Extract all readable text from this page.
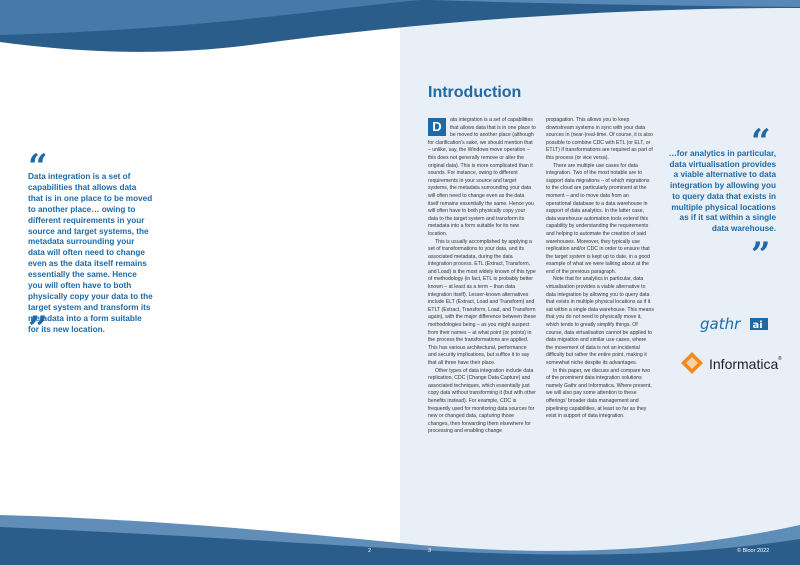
“
Data integration is a set of capabilities that allows data that is in one place to be moved to another place… owing to different requirements in your source and target systems, the metadata surrounding your data will often need to change even as the data itself remains essentially the same. Hence you will often have to both physically copy your data to the target system and transform its metadata into a form suitable for its new location.
”
Introduction

D	ata integration is a set of capabilities that allows data that is in one place to be moved to another place (although for clarification's sake, we should mention that – unlike, say, the Windows move operation – this does not generally remove or alter the original data). This is more complicated than it sounds. For instance, owing to different requirements in your source and target systems, the metadata surrounding your data will often need to change even as the data itself remains essentially the same. Hence you will often have to both physically copy your data to the target system and transform its metadata into a form suitable for its new location.

This is usually accomplished by applying a set of transformations to your data, and its associated metadata, during the data integration process. ETL (Extract, Transform, and Load) is the most widely known of this type of methodology (in fact, ETL is probably better known – at least as a term – than data integration itself). Lesser-known alternatives include ELT (Extract, Load and Transform) and ETLT (Extract, Transform, Load, and Transform again), with the major difference between these methodologies being – as you might suspect from their names – at what point (or points) in the process the transformations are applied. This has various architectural, performance and security implications, but suffice it to say that all three have their place.

Other types of data integration include data replication, CDC (Change Data Capture) and associated techniques, which essentially just copy data without transforming it (but with other benefits instead). For example, CDC is frequently used for monitoring data sources for new or changed data, capturing those changes, then forwarding them elsewhere for processing and enabling change

propagation. This allows you to keep downstream systems in sync with your data sources in (near-)real-time. Of course, it is also possible to combine CDC with ETL (or ELT, or ETLT) if transformations are required as part of this process (or vice versa).

There are multiple use cases for data integration. Two of the most notable are to support data migrations – of which migrations to the cloud are particularly prominent at the moment – and to move data from an operational database to a data warehouse in support of data analytics. In the latter case, data warehouse automation tools extend this capability by understanding the requirements and helping to automate the creation of said warehouses. Moreover, they typically use replication and/or CDC in order to ensure that the target system is kept up to date, in a good example of what we were talking about at the end of the previous paragraph.

Note that for analytics in particular, data virtualisation provides a viable alternative to data integration by allowing you to query data that exists in multiple physical locations as if it sat within a single data warehouse. This means that you do not need to physically move it, which tends to greatly simplify things. Of course, data virtualisation cannot be applied to data migration and similar use cases, where the movement of data is not an incidental difficulty but rather the entire point, making it somewhat niche despite its advantages.

In this paper, we discuss and compare two of the prominent data integration solutions namely Gathr and Informatica. Where present, we will also pay some attention to these offerings' broader data management and pipelining capabilities, at least so far as they exist in support of data integration.

“
…for analytics in particular, data virtualisation provides a viable alternative to data integration by allowing you to query data that exists in multiple physical locations as if it sat within a single data warehouse.
”
gathr ai
Informatica ®
2	3	© Bloor 2022
